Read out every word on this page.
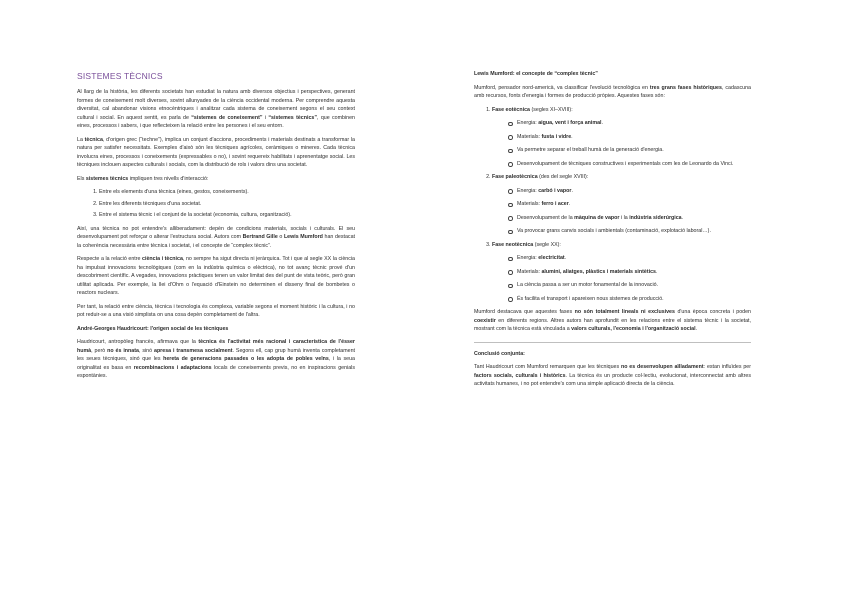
SISTEMES TÈCNICS

Al llarg de la història, les diferents societats han estudiat la natura amb diversos objectius i perspectives, generant formes de coneixement molt diverses, sovint allunyades de la ciència occidental moderna. Per comprendre aquesta diversitat, cal abandonar visions etnocèntriques i analitzar cada sistema de coneixement segons el seu context cultural i social. En aquest sentit, es parla de “sistemes de coneixement” i “sistemes tècnics”, que combinen eines, processos i sabers, i que reflecteixen la relació entre les persones i el seu entorn.

La tècnica, d'origen grec (“techne”), implica un conjunt d'accions, procediments i materials destinats a transformar la natura per satisfer necessitats. Exemples d'això són les tècniques agrícoles, ceràmiques o mineres. Cada tècnica involucra eines, processos i coneixements (expressables o no), i sovint requereix habilitats i aprenentatge social. Les tècniques inclouen aspectes culturals i socials, com la distribució de rols i valors dins una societat.

Els sistemes tècnics impliquen tres nivells d'interacció:

1. Entre els elements d'una tècnica (eines, gestos, coneixements).
2. Entre les diferents tècniques d'una societat.
3. Entre el sistema tècnic i el conjunt de la societat (economia, cultura, organització).

Així, una tècnica no pot entendre's alliberadament: depèn de condicions materials, socials i culturals. El seu desenvolupament pot reforçar o alterar l'estructura social. Autors com Bertrand Gille o Lewis Mumford han destacat la coherència necessària entre tècnica i societat, i el concepte de “complex tècnic”.

Respecte a la relació entre ciència i tècnica, no sempre ha sigut directa ni jeràrquica. Tot i que al segle XX la ciència ha impulsat innovacions tecnològiques (com en la indústria química o elèctrica), no tot avanç tècnic prové d'un descobriment científic. A vegades, innovacions pràctiques tenen un valor limitat des del punt de vista teòric, però gran utilitat aplicada. Per exemple, la llei d'Ohm o l'equació d'Einstein no determinen el disseny final de bombetes o reactors nuclears.

Per tant, la relació entre ciència, tècnica i tecnologia és complexa, variable segons el moment històric i la cultura, i no pot reduir-se a una visió simplista on una cosa depèn completament de l'altra.

André-Georges Haudricourt: l'origen social de les tècniques

Haudricourt, antropòleg francès, afirmava que la tècnica és l'activitat més racional i característica de l'ésser humà, però no és innata, sinó apresa i transmesa socialment. Segons ell, cap grup humà inventa completament les seues tècniques, sinó que les hereta de generacions passades o les adopta de pobles veïns, i la seua originalitat es basa en recombinacions i adaptacions locals de coneixements previs, no en inspiracions genials espontànies.

Lewis Mumford: el concepte de “complex tècnic”

Mumford, pensador nord-americà, va classificar l'evolució tecnològica en tres grans fases històriques, cadascuna amb recursos, fonts d'energia i formes de producció pròpies. Aquestes fases són:

1. Fase eotècnica (segles XI–XVIII):
Energia: aigua, vent i força animal.
Materials: fusta i vidre.
Va permetre separar el treball humà de la generació d'energia.
Desenvolupament de tècniques constructives i experimentals com les de Leonardo da Vinci.
2. Fase paleotècnica (des del segle XVIII):
Energia: carbó i vapor.
Materials: ferro i acer.
Desenvolupament de la màquina de vapor i la indústria siderúrgica.
Va provocar grans canvis socials i ambientals (contaminació, explotació laboral…).
3. Fase neotècnica (segle XX):
Energia: electricitat.
Materials: alumini, aliatges, plàstics i materials sintètics.
La ciència passa a ser un motor fonamental de la innovació.
És facilita el transport i apareixen nous sistemes de producció.

Mumford destacava que aquestes fases no són totalment lineals ni exclusives d'una època concreta i poden coexistir en diferents regions. Altres autors han aprofundit en les relacions entre el sistema tècnic i la societat, mostrant com la tècnica està vinculada a valors culturals, l'economia i l'organització social.

Conclusió conjunta:

Tant Haudricourt com Mumford remarquen que les tècniques no es desenvolupen aïlladament: estan influïdes per factors socials, culturals i històrics. La tècnica és un producte col·lectiu, evolucionat, interconnectat amb altres activitats humanes, i no pot entendre's com una simple aplicació directa de la ciència.
